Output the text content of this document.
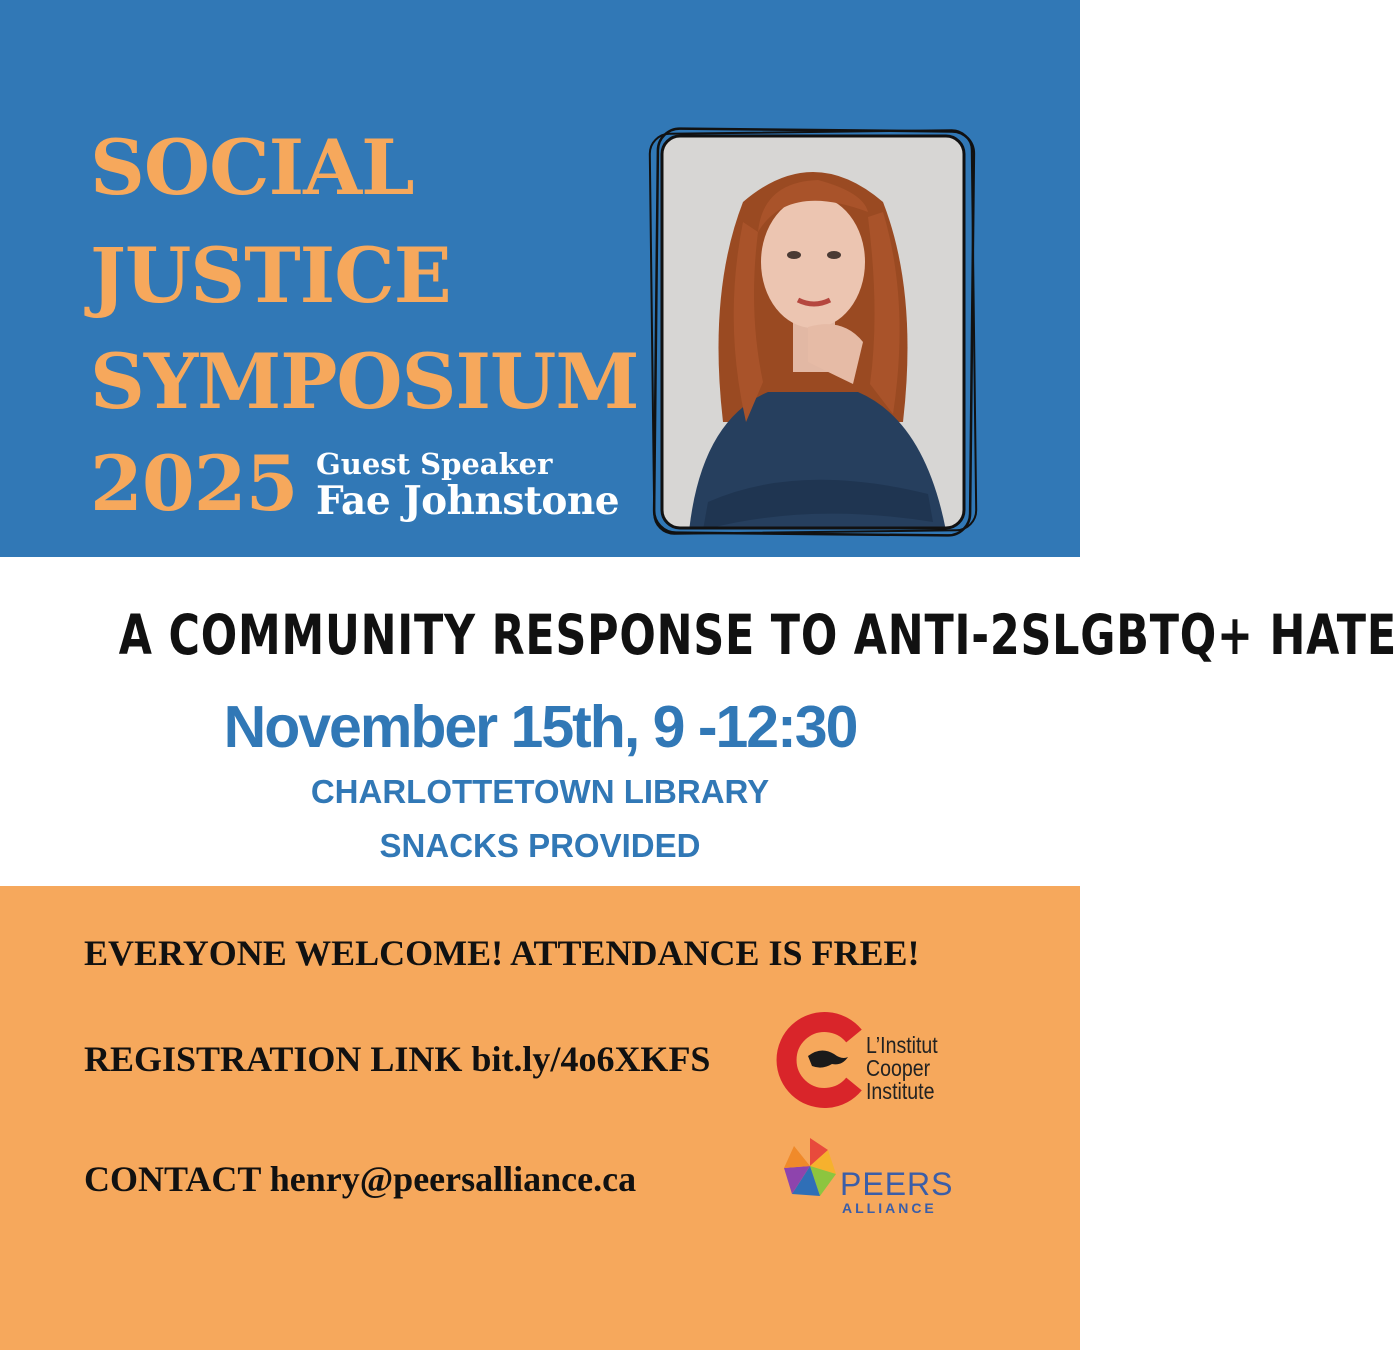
SOCIAL
JUSTICE
SYMPOSIUM
2025 Guest Speaker
Fae Johnstone
A COMMUNITY RESPONSE TO ANTI-2SLGBTQ+ HATE
November 15th, 9 -12:30
CHARLOTTETOWN LIBRARY
SNACKS PROVIDED
EVERYONE WELCOME! ATTENDANCE IS FREE!
REGISTRATION LINK bit.ly/4o6XKFS
CONTACT henry@peersalliance.ca
L’Institut
Cooper
Institute
PEERS
ALLIANCE
